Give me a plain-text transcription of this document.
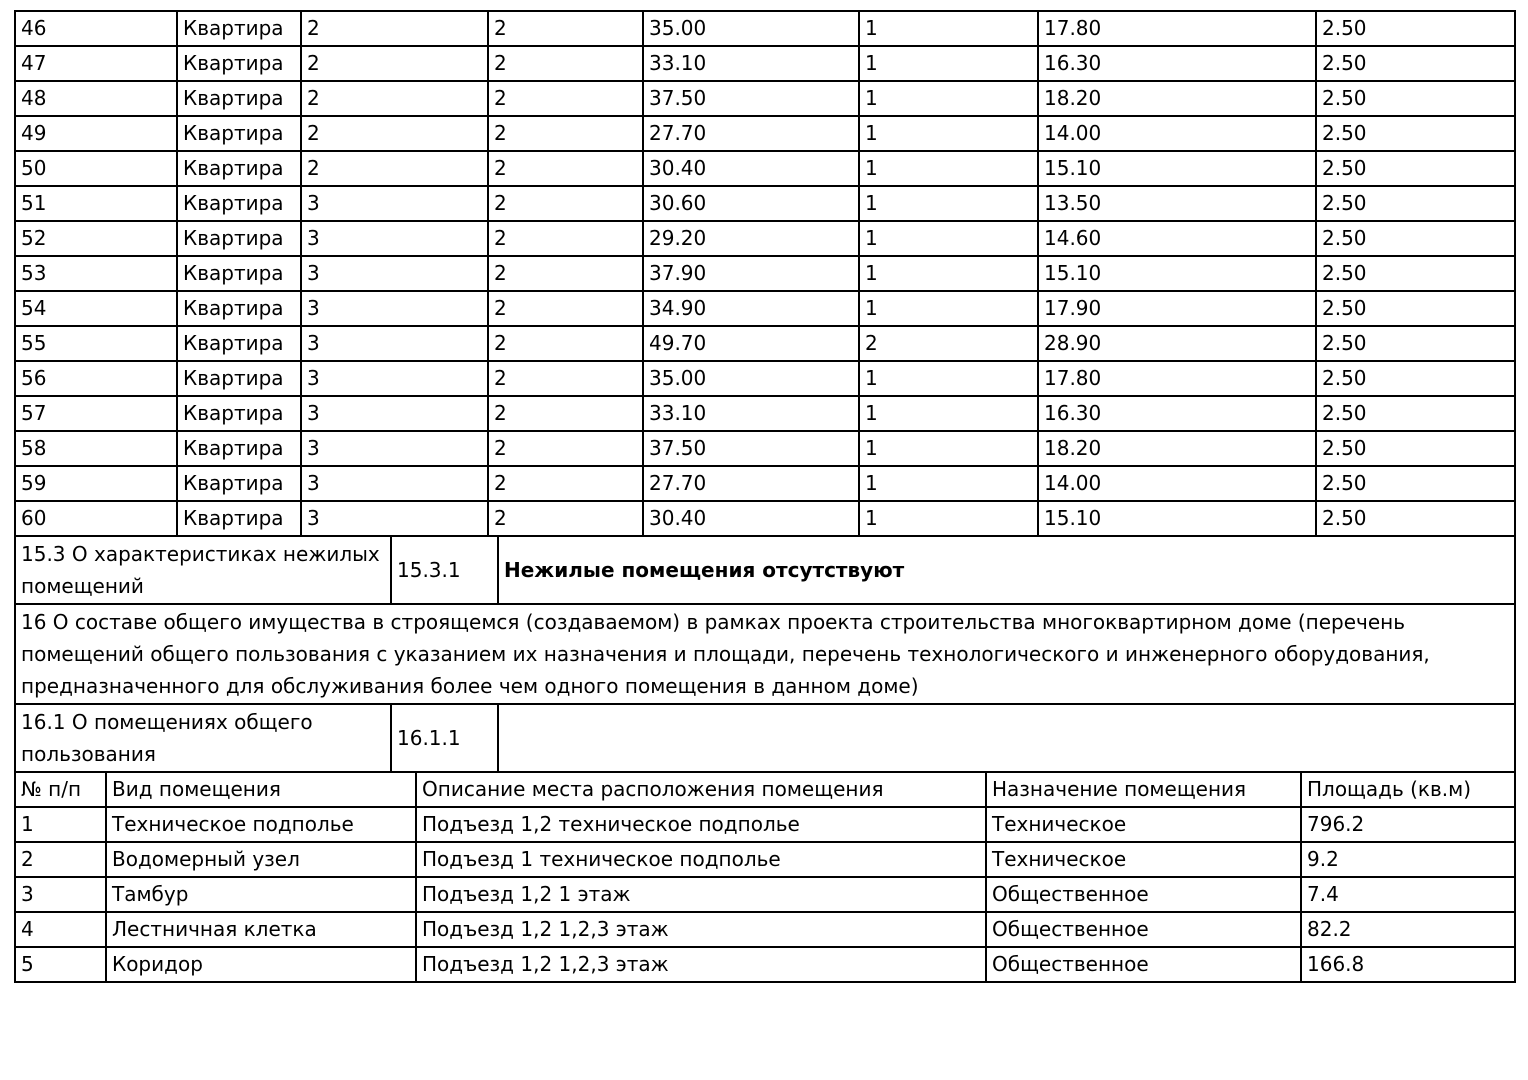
46	Квартира	2	2	35.00	1	17.80	2.50
47	Квартира	2	2	33.10	1	16.30	2.50
48	Квартира	2	2	37.50	1	18.20	2.50
49	Квартира	2	2	27.70	1	14.00	2.50
50	Квартира	2	2	30.40	1	15.10	2.50
51	Квартира	3	2	30.60	1	13.50	2.50
52	Квартира	3	2	29.20	1	14.60	2.50
53	Квартира	3	2	37.90	1	15.10	2.50
54	Квартира	3	2	34.90	1	17.90	2.50
55	Квартира	3	2	49.70	2	28.90	2.50
56	Квартира	3	2	35.00	1	17.80	2.50
57	Квартира	3	2	33.10	1	16.30	2.50
58	Квартира	3	2	37.50	1	18.20	2.50
59	Квартира	3	2	27.70	1	14.00	2.50
60	Квартира	3	2	30.40	1	15.10	2.50
15.3 О характеристиках нежилых помещений	15.3.1	Нежилые помещения отсутствуют
16 О составе общего имущества в строящемся (создаваемом) в рамках проекта строительства многоквартирном доме (перечень помещений общего пользования с указанием их назначения и площади, перечень технологического и инженерного оборудования, предназначенного для обслуживания более чем одного помещения в данном доме)
16.1 О помещениях общего пользования	16.1.1	
№ п/п	Вид помещения	Описание места расположения помещения	Назначение помещения	Площадь (кв.м)
1	Техническое подполье	Подъезд 1,2 техническое подполье	Техническое	796.2
2	Водомерный узел	Подъезд 1 техническое подполье	Техническое	9.2
3	Тамбур	Подъезд 1,2 1 этаж	Общественное	7.4
4	Лестничная клетка	Подъезд 1,2 1,2,3 этаж	Общественное	82.2
5	Коридор	Подъезд 1,2 1,2,3 этаж	Общественное	166.8
